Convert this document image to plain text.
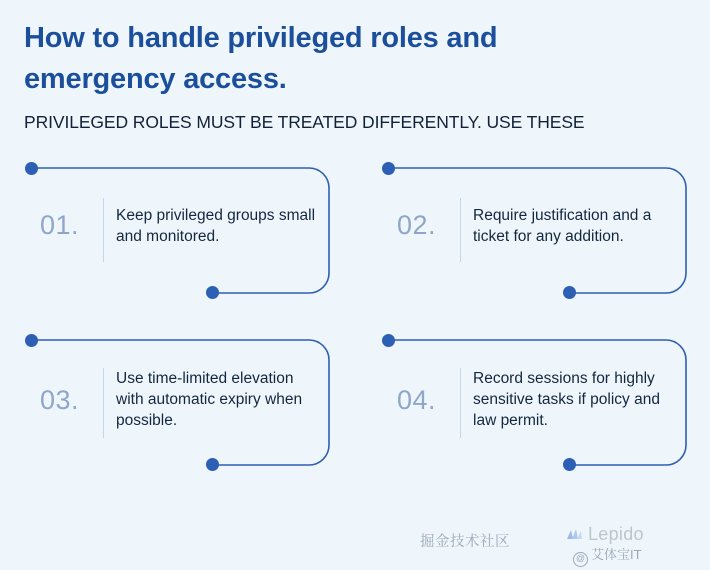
How to handle privileged roles and emergency access.
PRIVILEGED ROLES MUST BE TREATED DIFFERENTLY. USE THESE
01. Keep privileged groups small and monitored.	02. Require justification and a ticket for any addition.
03.
Use time-limited elevation with automatic expiry when possible.
04.
Record sessions for highly sensitive tasks if policy and law permit.
掘金技术社区	Lepido
@ 艾体宝IT
